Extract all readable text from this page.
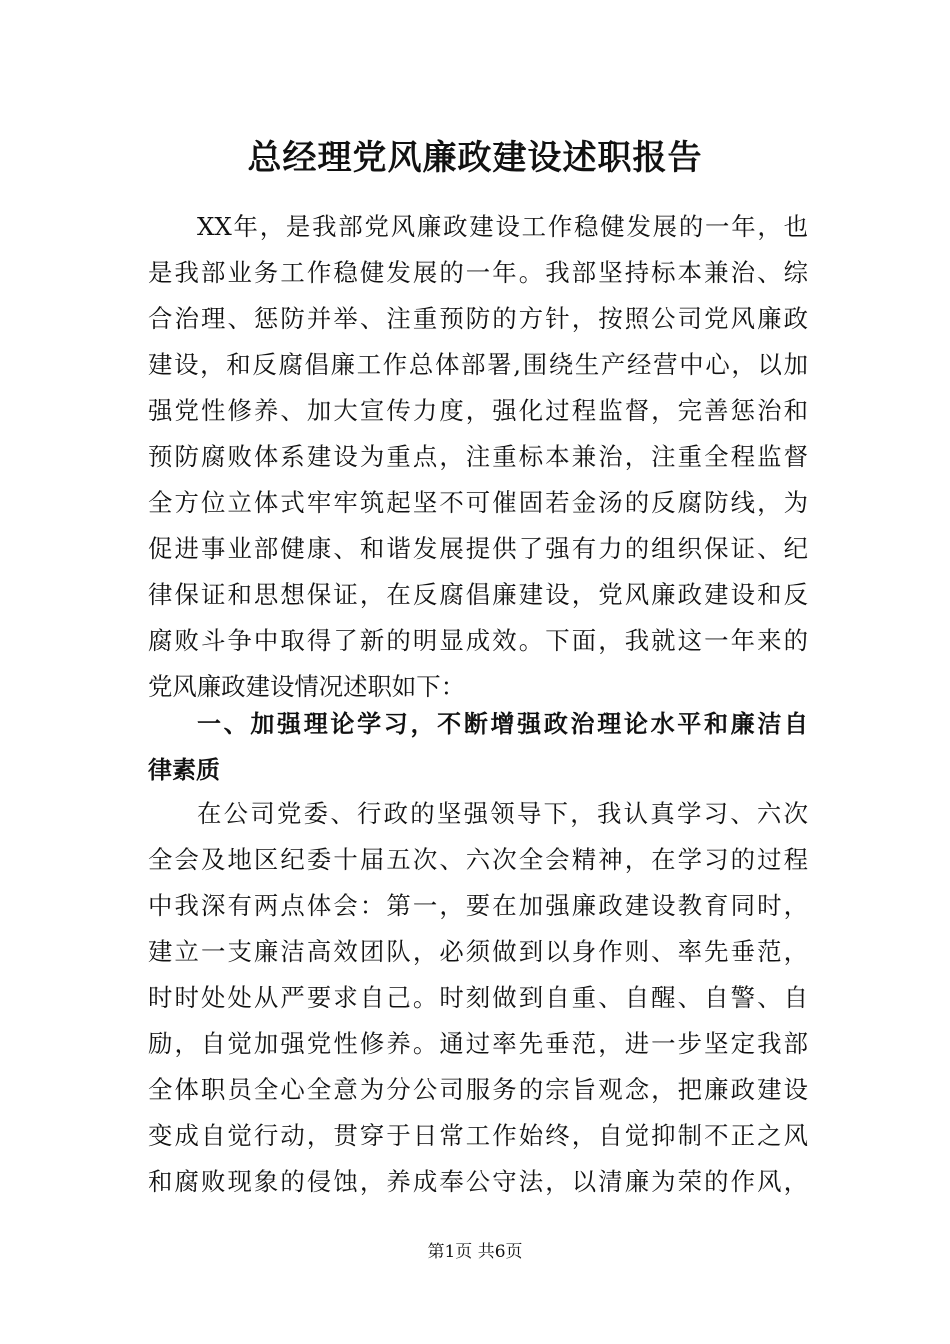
总经理党风廉政建设述职报告
XX年，是我部党风廉政建设工作稳健发展的一年，也
是我部业务工作稳健发展的一年。我部坚持标本兼治、综
合治理、惩防并举、注重预防的方针，按照公司党风廉政
建设，和反腐倡廉工作总体部署,围绕生产经营中心，以加
强党性修养、加大宣传力度，强化过程监督，完善惩治和
预防腐败体系建设为重点，注重标本兼治，注重全程监督
全方位立体式牢牢筑起坚不可催固若金汤的反腐防线，为
促进事业部健康、和谐发展提供了强有力的组织保证、纪
律保证和思想保证，在反腐倡廉建设，党风廉政建设和反
腐败斗争中取得了新的明显成效。下面，我就这一年来的
党风廉政建设情况述职如下：
一、加强理论学习，不断增强政治理论水平和廉洁自
律素质
在公司党委、行政的坚强领导下，我认真学习、六次
全会及地区纪委十届五次、六次全会精神，在学习的过程
中我深有两点体会：第一，要在加强廉政建设教育同时，
建立一支廉洁高效团队，必须做到以身作则、率先垂范，
时时处处从严要求自己。时刻做到自重、自醒、自警、自
励，自觉加强党性修养。通过率先垂范，进一步坚定我部
全体职员全心全意为分公司服务的宗旨观念，把廉政建设
变成自觉行动，贯穿于日常工作始终，自觉抑制不正之风
和腐败现象的侵蚀，养成奉公守法，以清廉为荣的作风，
第1页 共6页
